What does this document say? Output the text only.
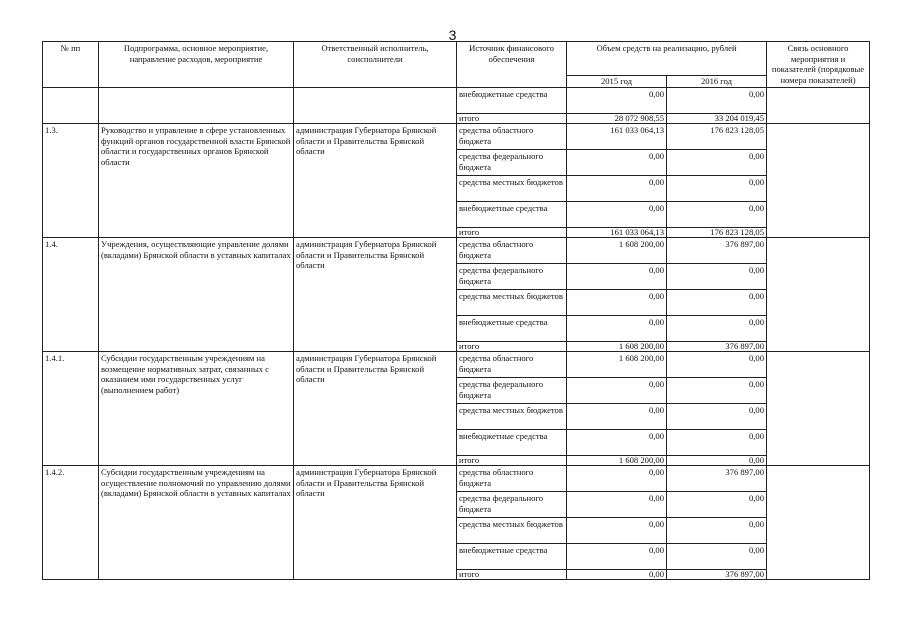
3
№ пп	Подпрограмма, основное мероприятие, направление расходов, мероприятие	Ответственный исполнитель, соисполнители	Источник финансового обеспечения	Объем средств на реализацию, рублей		Связь основного мероприятия и показателей (порядковые номера показателей)
				2015 год	2016 год	
			внебюджетные средства	0,00	0,00	
			итого	28 072 908,55	33 204 019,45	
1.3.	Руководство и управление в сфере установленных функций органов государственной власти Брянской области и государственных органов Брянской области	администрация Губернатора Брянской области и Правительства Брянской области	средства областного бюджета	161 033 064,13	176 823 128,05	
			средства федерального бюджета	0,00	0,00	
			средства местных бюджетов	0,00	0,00	
			внебюджетные средства	0,00	0,00	
			итого	161 033 064,13	176 823 128,05	
1.4.	Учреждения, осуществляющие управление долями (вкладами) Брянской области в уставных капиталах	администрация Губернатора Брянской области и Правительства Брянской области	средства областного бюджета	1 608 200,00	376 897,00	
			средства федерального бюджета	0,00	0,00	
			средства местных бюджетов	0,00	0,00	
			внебюджетные средства	0,00	0,00	
			итого	1 608 200,00	376 897,00	
1.4.1.	Субсидии государственным учреждениям на возмещение нормативных затрат, связанных с оказанием ими государственных услуг (выполнением работ)	администрация Губернатора Брянской области и Правительства Брянской области	средства областного бюджета	1 608 200,00	0,00	
			средства федерального бюджета	0,00	0,00	
			средства местных бюджетов	0,00	0,00	
			внебюджетные средства	0,00	0,00	
			итого	1 608 200,00	0,00	
1.4.2.	Субсидии государственным учреждениям на осуществление полномочий по управлению долями (вкладами) Брянской области в уставных капиталах	администрация Губернатора Брянской области и Правительства Брянской области	средства областного бюджета	0,00	376 897,00	
			средства федерального бюджета	0,00	0,00	
			средства местных бюджетов	0,00	0,00	
			внебюджетные средства	0,00	0,00	
			итого	0,00	376 897,00	
